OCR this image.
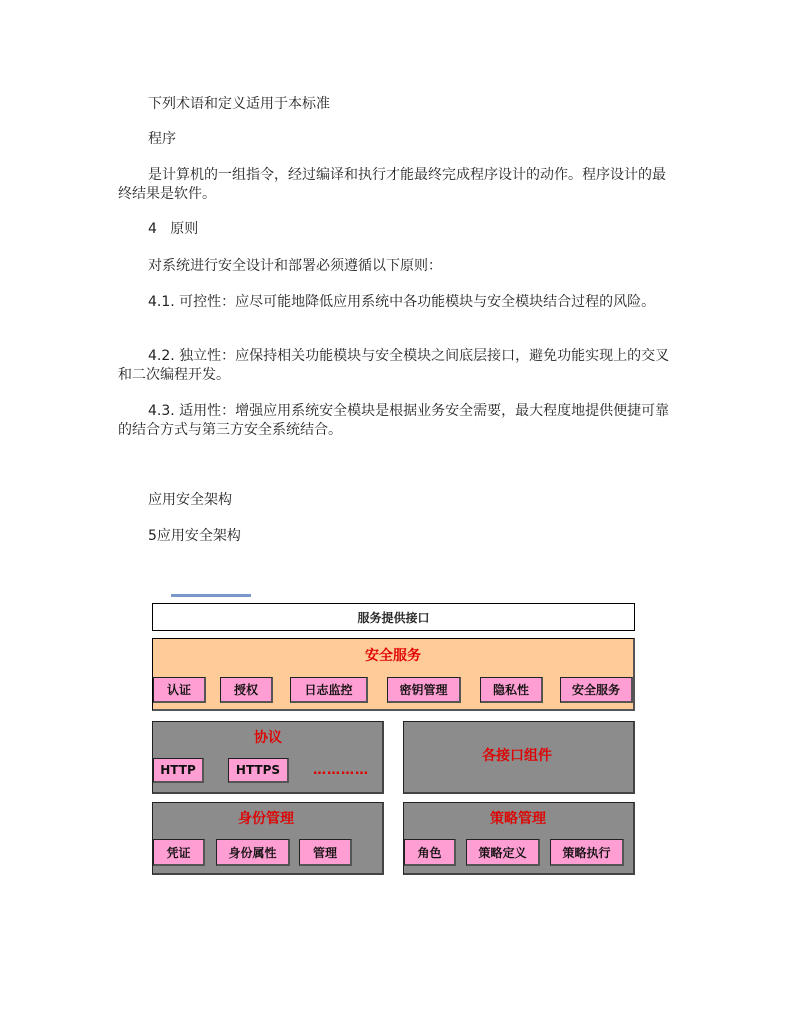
下列术语和定义适用于本标准

程序

是计算机的一组指令，经过编译和执行才能最终完成程序设计的动作。程序设计的最终结果是软件。

4   原则

对系统进行安全设计和部署必须遵循以下原则：

4.1. 可控性：应尽可能地降低应用系统中各功能模块与安全模块结合过程的风险。

4.2. 独立性：应保持相关功能模块与安全模块之间底层接口，避免功能实现上的交叉和二次编程开发。

4.3. 适用性：增强应用系统安全模块是根据业务安全需要，最大程度地提供便捷可靠的结合方式与第三方安全系统结合。

应用安全架构

5应用安全架构

服务提供接口
安全服务
认证	授权	日志监控	密钥管理	隐私性	安全服务
协议
HTTP	HTTPS	…………
各接口组件
身份管理
凭证	身份属性	管理
策略管理
角色	策略定义	策略执行
